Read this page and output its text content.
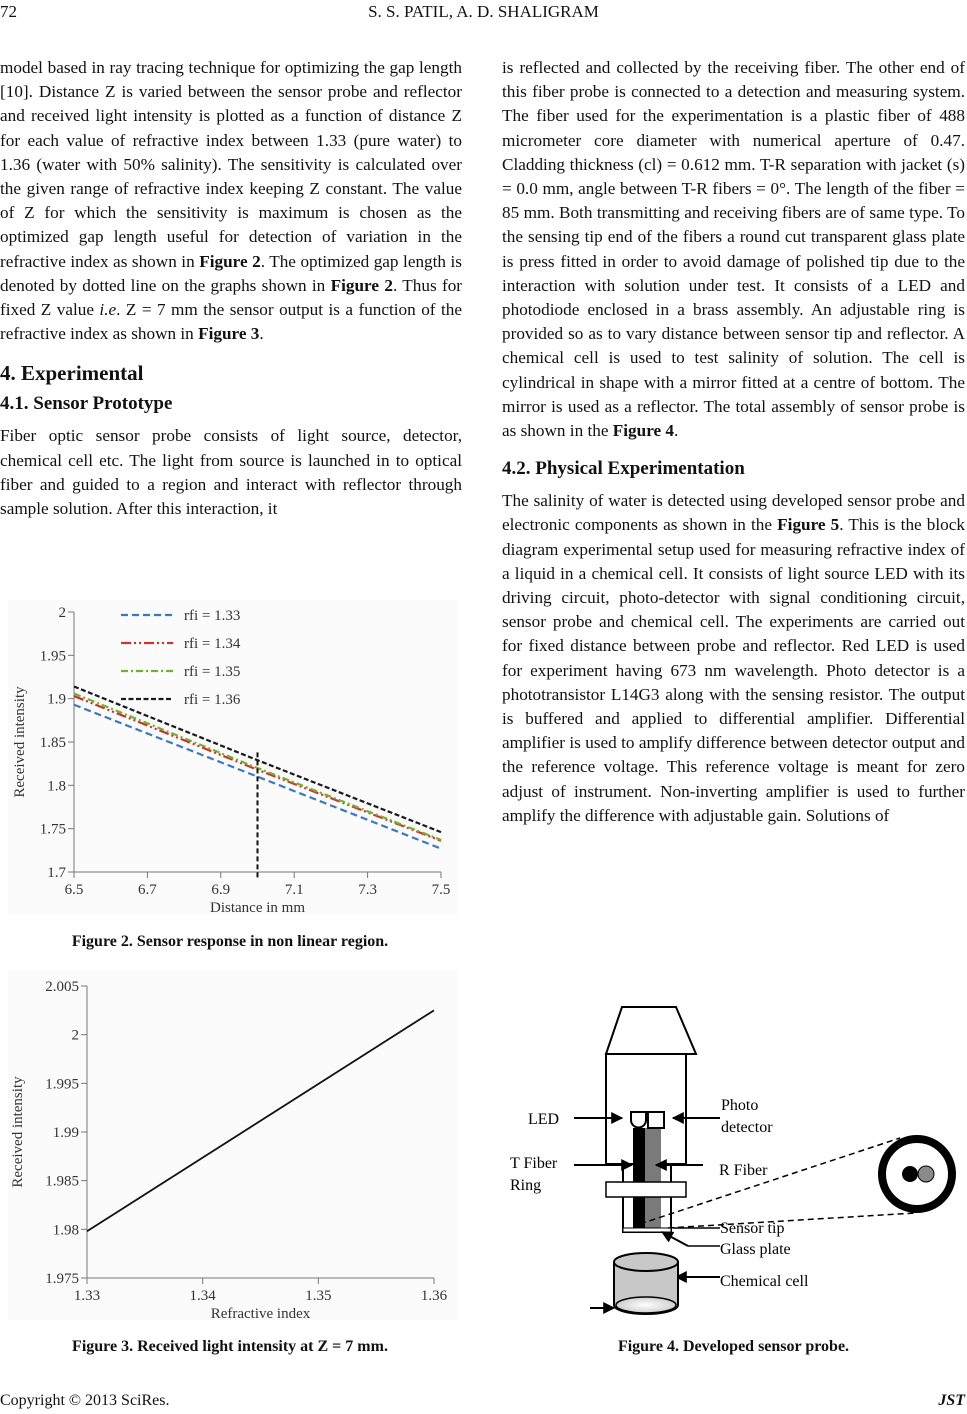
72	S. S. PATIL, A. D. SHALIGRAM

model based in ray tracing technique for optimizing the gap length [10]. Distance Z is varied between the sensor probe and reflector and received light intensity is plotted as a function of distance Z for each value of refractive index between 1.33 (pure water) to 1.36 (water with 50% salinity). The sensitivity is calculated over the given range of refractive index keeping Z constant. The value of Z for which the sensitivity is maximum is chosen as the optimized gap length useful for detection of variation in the refractive index as shown in Figure 2. The optimized gap length is denoted by dotted line on the graphs shown in Figure 2. Thus for fixed Z value i.e. Z = 7 mm the sensor output is a function of the refractive index as shown in Figure 3.

4. Experimental
4.1. Sensor Prototype

Fiber optic sensor probe consists of light source, detector, chemical cell etc. The light from source is launched in to optical fiber and guided to a region and interact with reflector through sample solution. After this interaction, it

is reflected and collected by the receiving fiber. The other end of this fiber probe is connected to a detection and measuring system. The fiber used for the experimentation is a plastic fiber of 488 micrometer core diameter with numerical aperture of 0.47. Cladding thickness (cl) = 0.612 mm. T-R separation with jacket (s) = 0.0 mm, angle between T-R fibers = 0°. The length of the fiber = 85 mm. Both transmitting and receiving fibers are of same type. To the sensing tip end of the fibers a round cut transparent glass plate is press fitted in order to avoid damage of polished tip due to the interaction with solution under test. It consists of a LED and photodiode enclosed in a brass assembly. An adjustable ring is provided so as to vary distance between sensor tip and reflector. A chemical cell is used to test salinity of solution. The cell is cylindrical in shape with a mirror fitted at a centre of bottom. The mirror is used as a reflector. The total assembly of sensor probe is as shown in the Figure 4.

4.2. Physical Experimentation

The salinity of water is detected using developed sensor probe and electronic components as shown in the Figure 5. This is the block diagram experimental setup used for measuring refractive index of a liquid in a chemical cell. It consists of light source LED with its driving circuit, photo-detector with signal conditioning circuit, sensor probe and chemical cell. The experiments are carried out for fixed distance between probe and reflector. Red LED is used for experiment having 673 nm wavelength. Photo detector is a phototransistor L14G3 along with the sensing resistor. The output is buffered and applied to differential amplifier. Differential amplifier is used to amplify difference between detector output and the reference voltage. This reference voltage is meant for zero adjust of instrument. Non-inverting amplifier is used to further amplify the difference with adjustable gain. Solutions of

1.7
1.75
1.8
1.85
1.9
1.95
2
6.5	6.7	6.9	7.1	7.3	7.5
Distance in mm
Received intensity
rfi = 1.33
rfi = 1.34
rfi = 1.35
rfi = 1.36
Figure 2. Sensor response in non linear region.
1.975
1.98
1.985
1.99
1.995
2
2.005
1.33	1.34	1.35	1.36
Refractive index
Received intensity
Figure 3. Received light intensity at Z = 7 mm.
LED
Photo
detector
T Fiber
Ring
R Fiber
Sensor tip
Glass plate
Chemical cell
Figure 4. Developed sensor probe.
Copyright © 2013 SciRes.	JST
